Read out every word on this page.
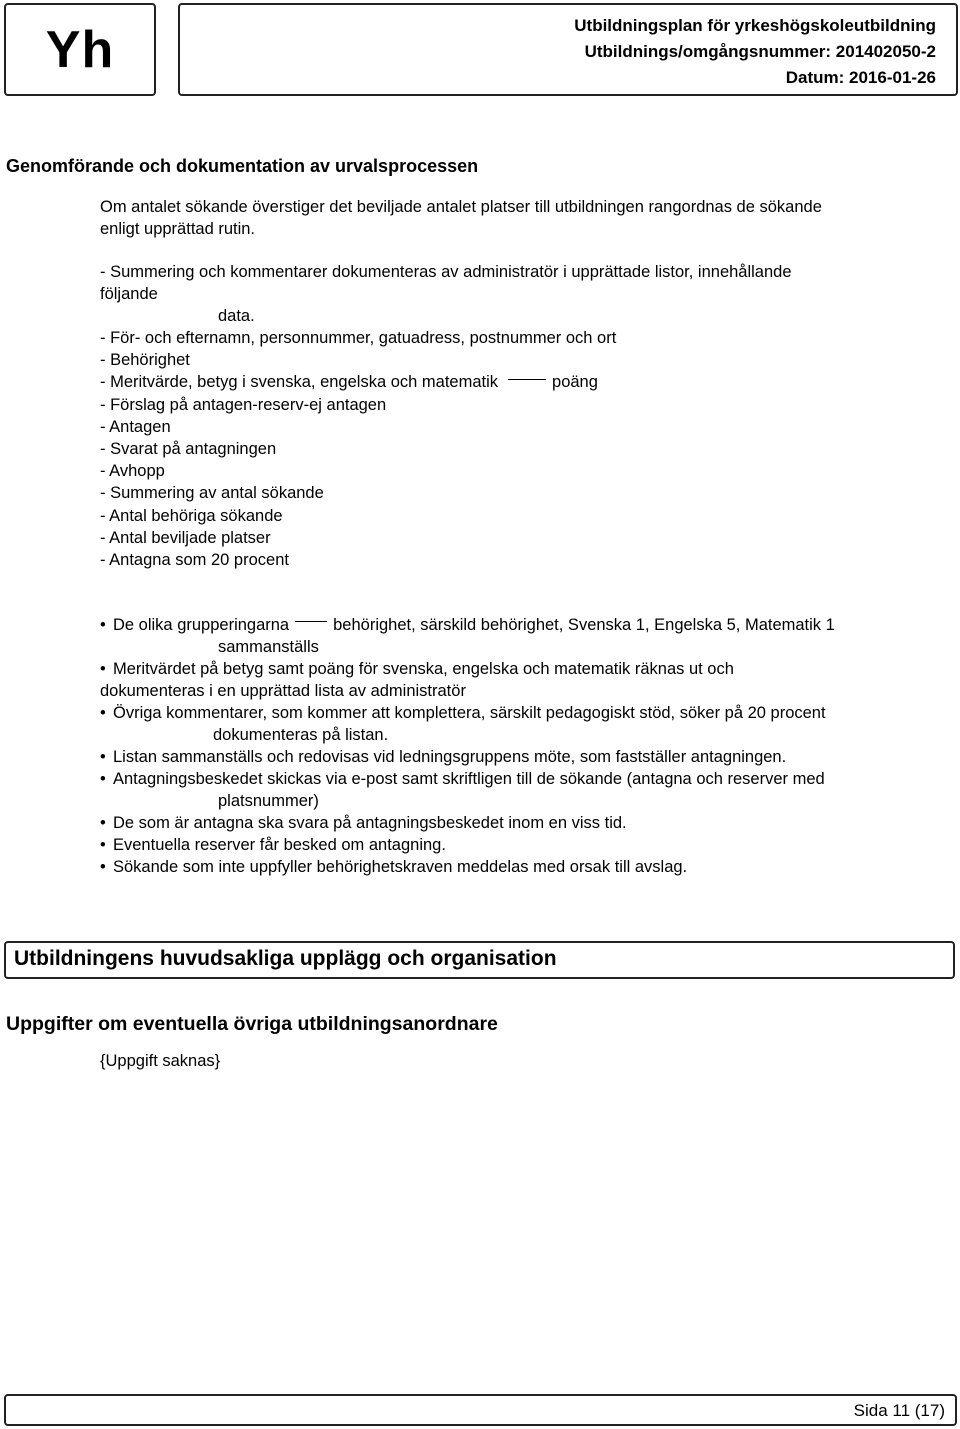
Yh	Utbildningsplan för yrkeshögskoleutbildning
Utbildnings/omgångsnummer: 201402050-2
Datum: 2016-01-26
Genomförande och dokumentation av urvalsprocessen
Om antalet sökande överstiger det beviljade antalet platser till utbildningen rangordnas de sökande
enligt upprättad rutin.
- Summering och kommentarer dokumenteras av administratör i upprättade listor, innehållande
följande
data.
- För- och efternamn, personnummer, gatuadress, postnummer och ort
- Behörighet
- Meritvärde, betyg i svenska, engelska och matematik	poäng
- Förslag på antagen-reserv-ej antagen
- Antagen
- Svarat på antagningen
- Avhopp
- Summering av antal sökande
- Antal behöriga sökande
- Antal beviljade platser
- Antagna som 20 procent
• De olika grupperingarna	behörighet, särskild behörighet, Svenska 1, Engelska 5, Matematik 1
sammanställs
• Meritvärdet på betyg samt poäng för svenska, engelska och matematik räknas ut och
dokumenteras i en upprättad lista av administratör
• Övriga kommentarer, som kommer att komplettera, särskilt pedagogiskt stöd, söker på 20 procent
dokumenteras på listan.
• Listan sammanställs och redovisas vid ledningsgruppens möte, som fastställer antagningen.
• Antagningsbeskedet skickas via e-post samt skriftligen till de sökande (antagna och reserver med
platsnummer)
• De som är antagna ska svara på antagningsbeskedet inom en viss tid.
• Eventuella reserver får besked om antagning.
• Sökande som inte uppfyller behörighetskraven meddelas med orsak till avslag.
Utbildningens huvudsakliga upplägg och organisation
Uppgifter om eventuella övriga utbildningsanordnare
{Uppgift saknas}
Sida 11 (17)
